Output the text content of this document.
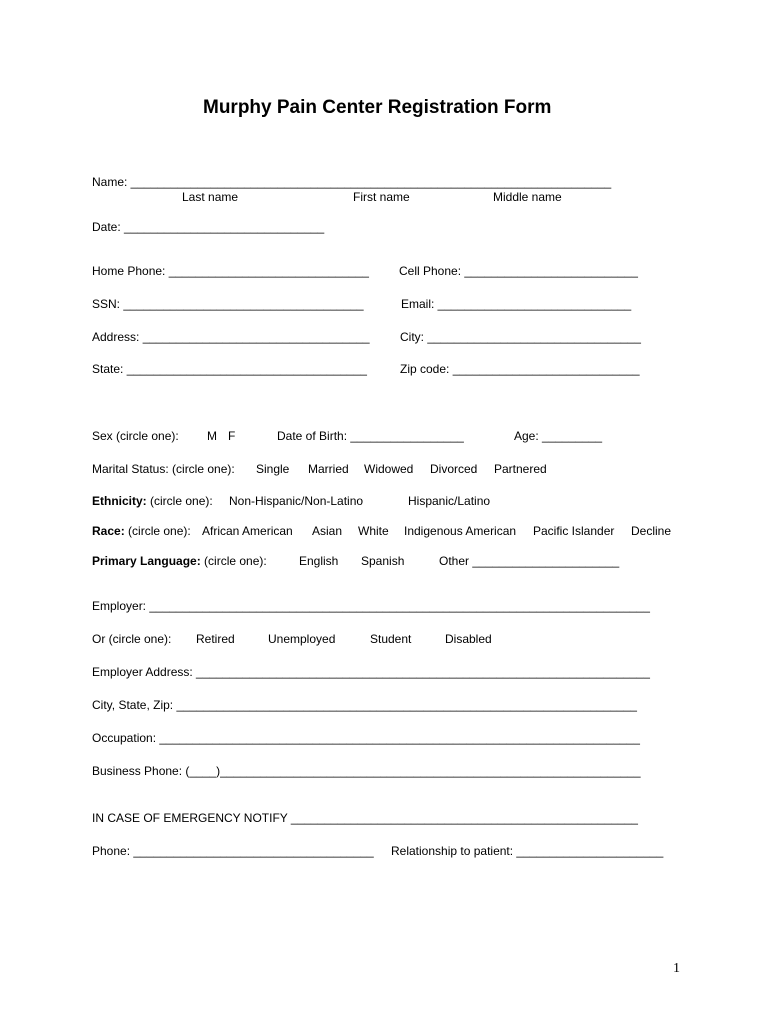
Murphy Pain Center Registration Form
Name: ________________________________________________________________________
Last name	First name	Middle name
Date: ______________________________
Home Phone: ______________________________	Cell Phone: __________________________
SSN: ____________________________________	Email: _____________________________
Address: __________________________________	City: ________________________________
State: ____________________________________	Zip code: ____________________________
Sex (circle one): M F	Date of Birth: _________________	Age: _________
Marital Status: (circle one): Single Married Widowed Divorced Partnered
Ethnicity: (circle one): Non-Hispanic/Non-Latino	Hispanic/Latino
Race: (circle one): African American Asian White Indigenous American Pacific Islander Decline
Primary Language: (circle one):	English Spanish	Other ______________________
Employer: ___________________________________________________________________________
Or (circle one): Retired	Unemployed	Student	Disabled
Employer Address: ____________________________________________________________________
City, State, Zip: _____________________________________________________________________
Occupation: ________________________________________________________________________
Business Phone: (____)_______________________________________________________________
IN CASE OF EMERGENCY NOTIFY ____________________________________________________
Phone: ____________________________________ Relationship to patient: ______________________
1
